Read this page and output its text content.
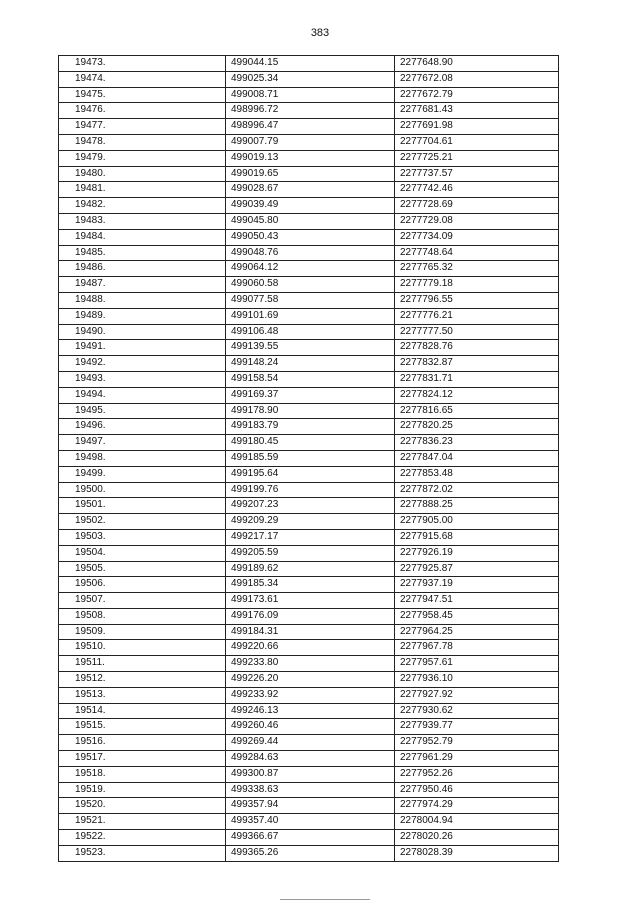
383
19473.	499044.15	2277648.90
19474.	499025.34	2277672.08
19475.	499008.71	2277672.79
19476.	498996.72	2277681.43
19477.	498996.47	2277691.98
19478.	499007.79	2277704.61
19479.	499019.13	2277725.21
19480.	499019.65	2277737.57
19481.	499028.67	2277742.46
19482.	499039.49	2277728.69
19483.	499045.80	2277729.08
19484.	499050.43	2277734.09
19485.	499048.76	2277748.64
19486.	499064.12	2277765.32
19487.	499060.58	2277779.18
19488.	499077.58	2277796.55
19489.	499101.69	2277776.21
19490.	499106.48	2277777.50
19491.	499139.55	2277828.76
19492.	499148.24	2277832.87
19493.	499158.54	2277831.71
19494.	499169.37	2277824.12
19495.	499178.90	2277816.65
19496.	499183.79	2277820.25
19497.	499180.45	2277836.23
19498.	499185.59	2277847.04
19499.	499195.64	2277853.48
19500.	499199.76	2277872.02
19501.	499207.23	2277888.25
19502.	499209.29	2277905.00
19503.	499217.17	2277915.68
19504.	499205.59	2277926.19
19505.	499189.62	2277925.87
19506.	499185.34	2277937.19
19507.	499173.61	2277947.51
19508.	499176.09	2277958.45
19509.	499184.31	2277964.25
19510.	499220.66	2277967.78
19511.	499233.80	2277957.61
19512.	499226.20	2277936.10
19513.	499233.92	2277927.92
19514.	499246.13	2277930.62
19515.	499260.46	2277939.77
19516.	499269.44	2277952.79
19517.	499284.63	2277961.29
19518.	499300.87	2277952.26
19519.	499338.63	2277950.46
19520.	499357.94	2277974.29
19521.	499357.40	2278004.94
19522.	499366.67	2278020.26
19523.	499365.26	2278028.39
